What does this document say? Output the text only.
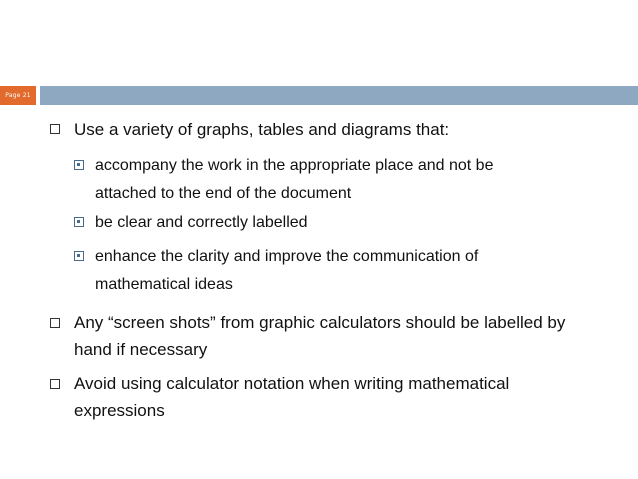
Page 21
Use a variety of graphs, tables and diagrams that:
accompany the work in the appropriate place and not be
attached to the end of the document
be clear and correctly labelled
enhance the clarity and improve the communication of
mathematical ideas
Any “screen shots” from graphic calculators should be labelled by
hand if necessary
Avoid using calculator notation when writing mathematical
expressions
